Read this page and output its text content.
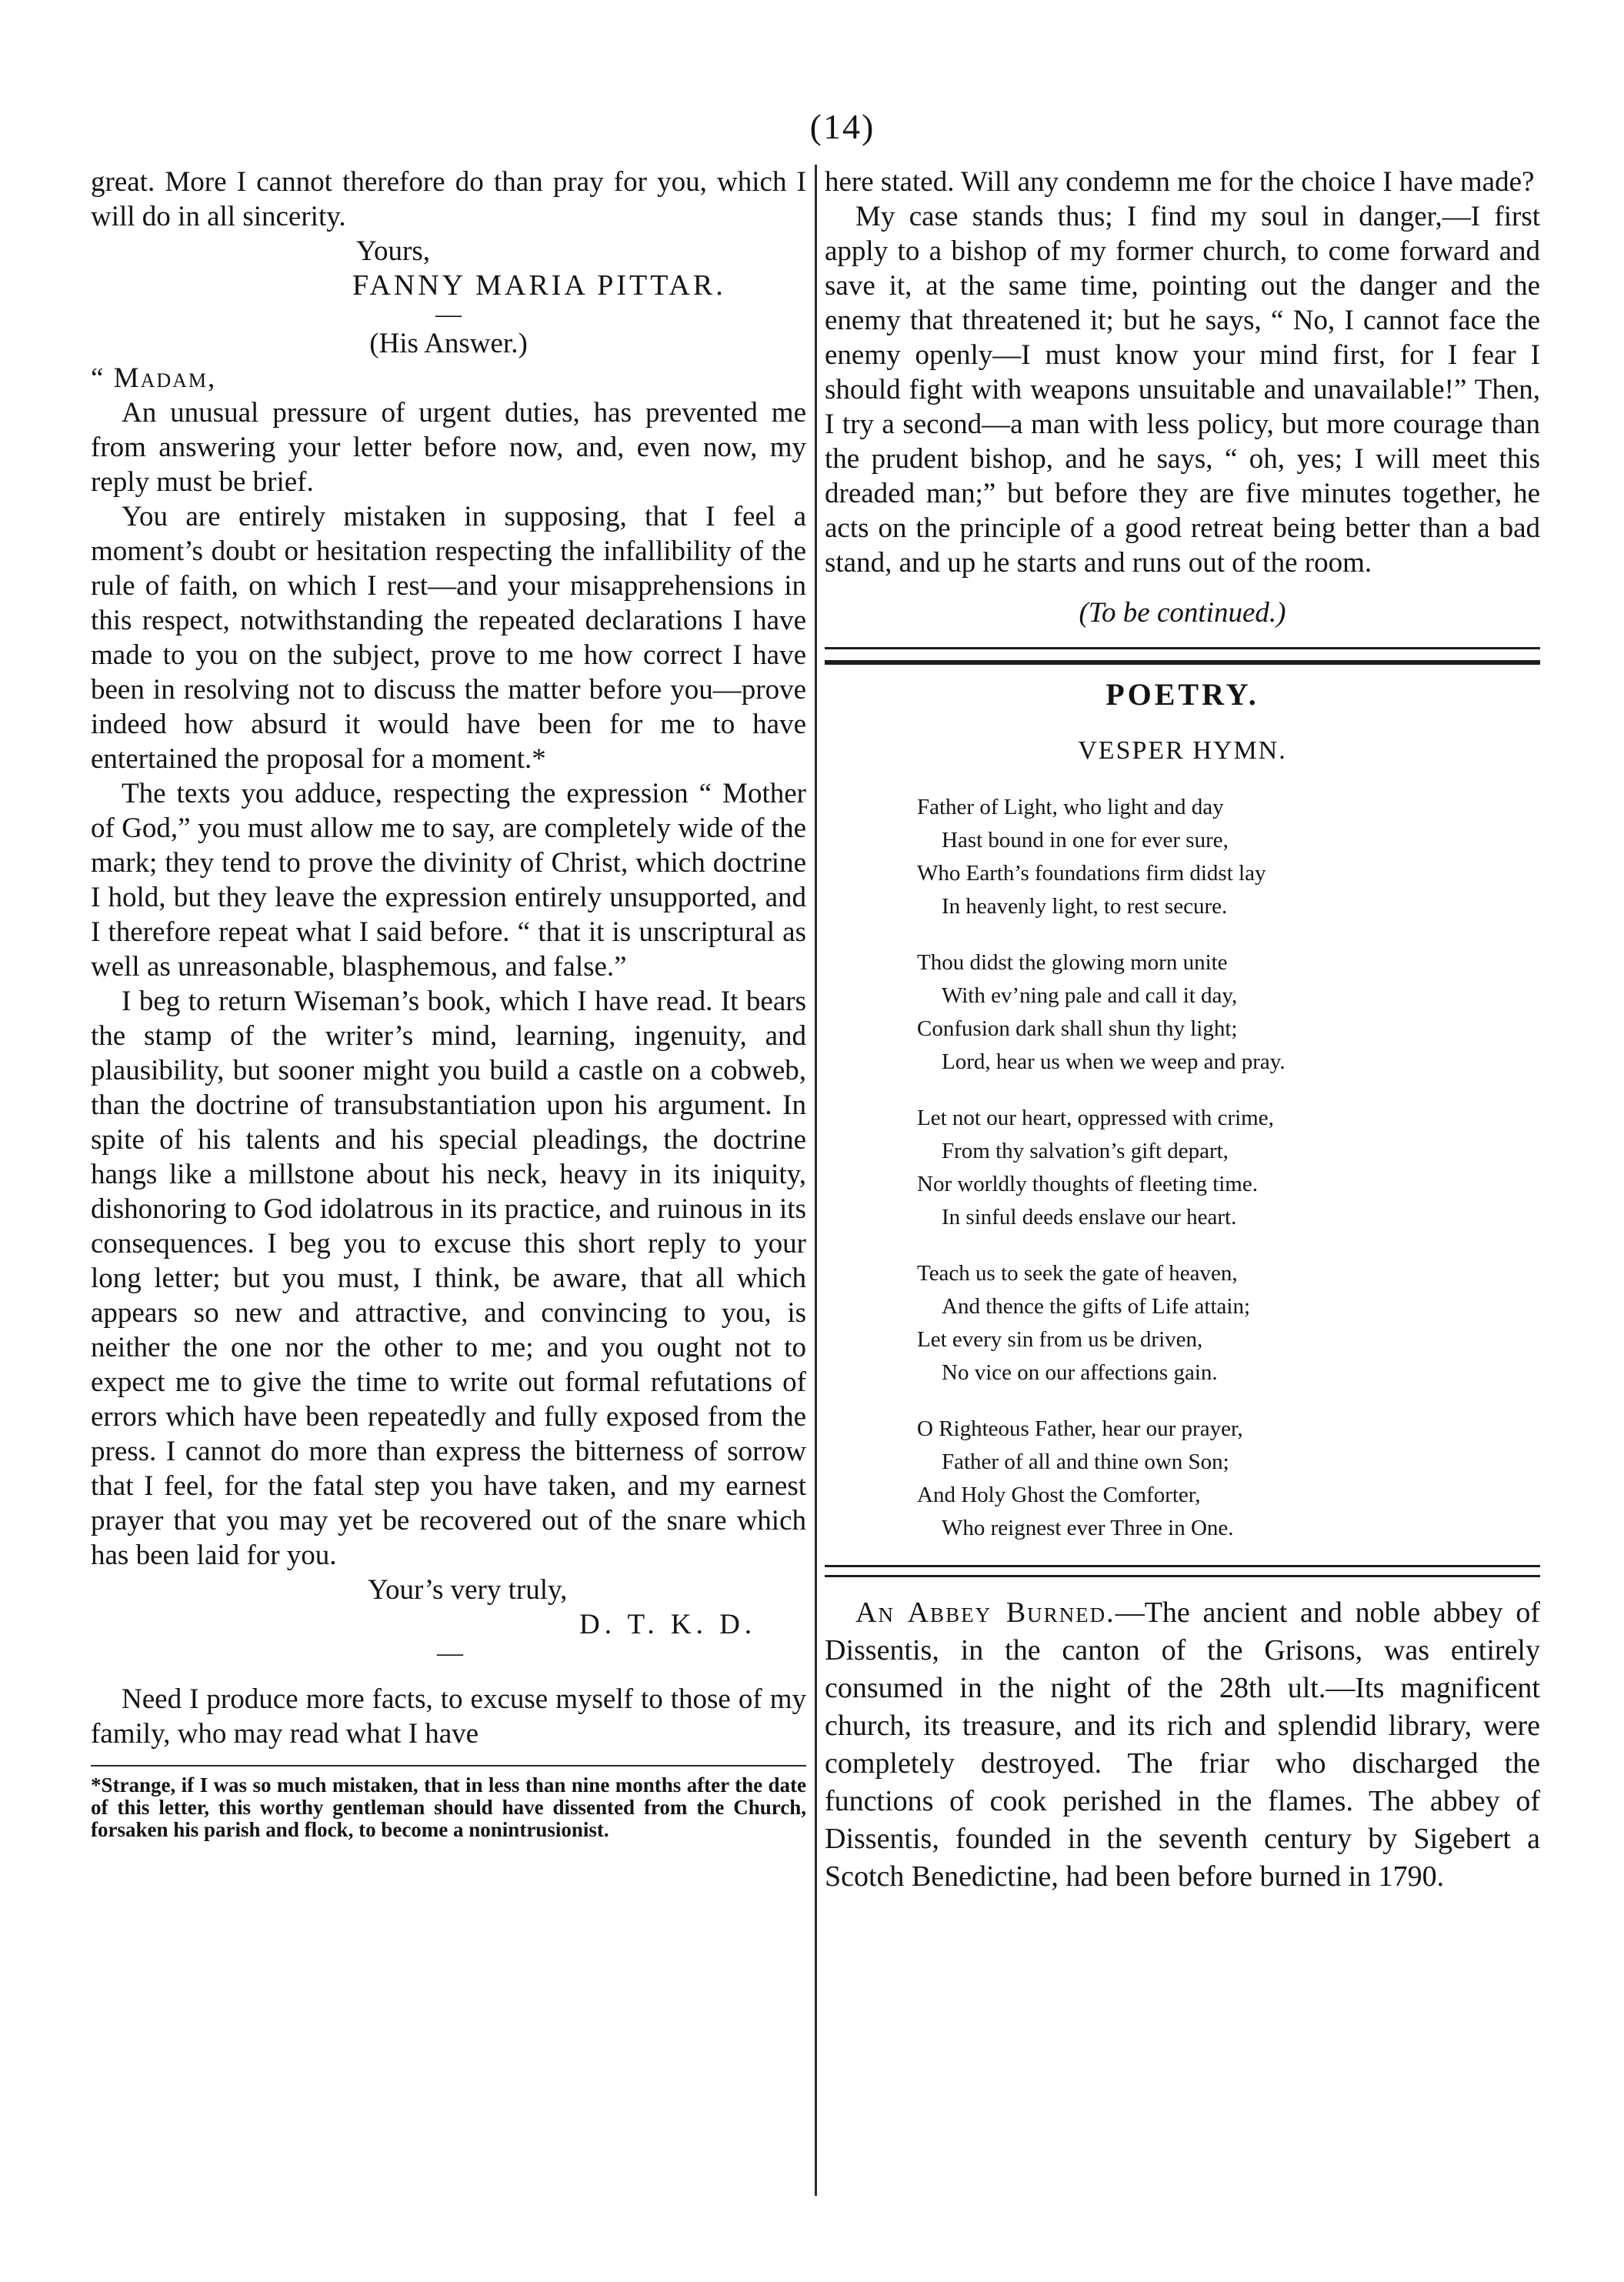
(14)

great. More I cannot therefore do than pray for you, which I will do in all sincerity.

Yours,

FANNY MARIA PITTAR.

—

(His Answer.)

“ Madam,

An unusual pressure of urgent duties, has prevented me from answering your letter before now, and, even now, my reply must be brief.

You are entirely mistaken in supposing, that I feel a moment’s doubt or hesitation respecting the infallibility of the rule of faith, on which I rest—and your misapprehensions in this respect, notwithstanding the repeated declarations I have made to you on the subject, prove to me how correct I have been in resolving not to discuss the matter before you—prove indeed how absurd it would have been for me to have entertained the proposal for a moment.*

The texts you adduce, respecting the expression “ Mother of God,” you must allow me to say, are completely wide of the mark; they tend to prove the divinity of Christ, which doctrine I hold, but they leave the expression entirely unsupported, and I therefore repeat what I said before. “ that it is unscriptural as well as unreasonable, blasphemous, and false.”

I beg to return Wiseman’s book, which I have read. It bears the stamp of the writer’s mind, learning, ingenuity, and plausibility, but sooner might you build a castle on a cobweb, than the doctrine of transubstantiation upon his argument. In spite of his talents and his special pleadings, the doctrine hangs like a millstone about his neck, heavy in its iniquity, dishonoring to God idolatrous in its practice, and ruinous in its consequences. I beg you to excuse this short reply to your long letter; but you must, I think, be aware, that all which appears so new and attractive, and convincing to you, is neither the one nor the other to me; and you ought not to expect me to give the time to write out formal refutations of errors which have been repeatedly and fully exposed from the press. I cannot do more than express the bitterness of sorrow that I feel, for the fatal step you have taken, and my earnest prayer that you may yet be recovered out of the snare which has been laid for you.

Your’s very truly,

D. T. K. D.

—

Need I produce more facts, to excuse myself to those of my family, who may read what I have

*Strange, if I was so much mistaken, that in less than nine months after the date of this letter, this worthy gentleman should have dissented from the Church, forsaken his parish and flock, to become a nonintrusionist.

here stated. Will any condemn me for the choice I have made?

My case stands thus; I find my soul in danger,—I first apply to a bishop of my former church, to come forward and save it, at the same time, pointing out the danger and the enemy that threatened it; but he says, “ No, I cannot face the enemy openly—I must know your mind first, for I fear I should fight with weapons unsuitable and unavailable!” Then, I try a second—a man with less policy, but more courage than the prudent bishop, and he says, “ oh, yes; I will meet this dreaded man;” but before they are five minutes together, he acts on the principle of a good retreat being better than a bad stand, and up he starts and runs out of the room.

(To be continued.)

POETRY.
VESPER HYMN.
Father of Light, who light and day
Hast bound in one for ever sure,
Who Earth’s foundations firm didst lay
In heavenly light, to rest secure.
Thou didst the glowing morn unite
With ev’ning pale and call it day,
Confusion dark shall shun thy light;
Lord, hear us when we weep and pray.
Let not our heart, oppressed with crime,
From thy salvation’s gift depart,
Nor worldly thoughts of fleeting time.
In sinful deeds enslave our heart.
Teach us to seek the gate of heaven,
And thence the gifts of Life attain;
Let every sin from us be driven,
No vice on our affections gain.
O Righteous Father, hear our prayer,
Father of all and thine own Son;
And Holy Ghost the Comforter,
Who reignest ever Three in One.

An Abbey Burned.—The ancient and noble abbey of Dissentis, in the canton of the Grisons, was entirely consumed in the night of the 28th ult.—Its magnificent church, its treasure, and its rich and splendid library, were completely destroyed. The friar who discharged the functions of cook perished in the flames. The abbey of Dissentis, founded in the seventh century by Sigebert a Scotch Benedictine, had been before burned in 1790.
